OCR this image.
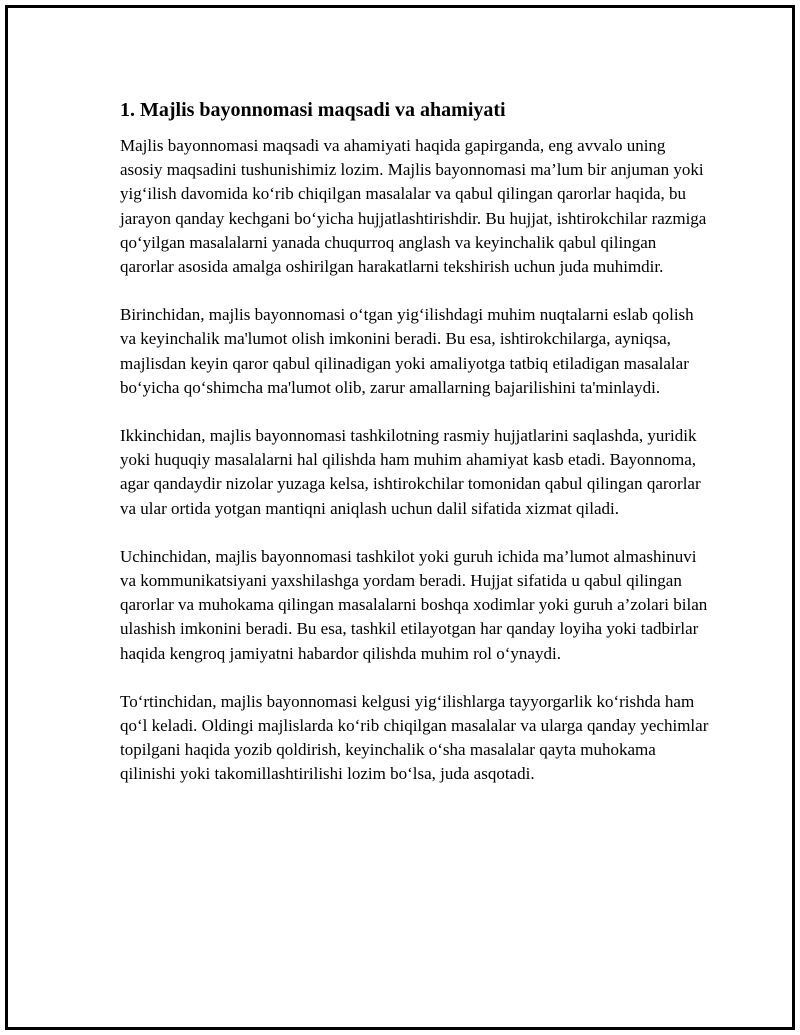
1. Majlis bayonnomasi maqsadi va ahamiyati

Majlis bayonnomasi maqsadi va ahamiyati haqida gapirganda, eng avvalo uning asosiy maqsadini tushunishimiz lozim. Majlis bayonnomasi ma’lum bir anjuman yoki yig‘ilish davomida ko‘rib chiqilgan masalalar va qabul qilingan qarorlar haqida, bu jarayon qanday kechgani bo‘yicha hujjatlashtirishdir. Bu hujjat, ishtirokchilar razmiga qo‘yilgan masalalarni yanada chuqurroq anglash va keyinchalik qabul qilingan qarorlar asosida amalga oshirilgan harakatlarni tekshirish uchun juda muhimdir.

Birinchidan, majlis bayonnomasi o‘tgan yig‘ilishdagi muhim nuqtalarni eslab qolish va keyinchalik ma'lumot olish imkonini beradi. Bu esa, ishtirokchilarga, ayniqsa, majlisdan keyin qaror qabul qilinadigan yoki amaliyotga tatbiq etiladigan masalalar bo‘yicha qo‘shimcha ma'lumot olib, zarur amallarning bajarilishini ta'minlaydi.

Ikkinchidan, majlis bayonnomasi tashkilotning rasmiy hujjatlarini saqlashda, yuridik yoki huquqiy masalalarni hal qilishda ham muhim ahamiyat kasb etadi. Bayonnoma, agar qandaydir nizolar yuzaga kelsa, ishtirokchilar tomonidan qabul qilingan qarorlar va ular ortida yotgan mantiqni aniqlash uchun dalil sifatida xizmat qiladi.

Uchinchidan, majlis bayonnomasi tashkilot yoki guruh ichida ma’lumot almashinuvi va kommunikatsiyani yaxshilashga yordam beradi. Hujjat sifatida u qabul qilingan qarorlar va muhokama qilingan masalalarni boshqa xodimlar yoki guruh a’zolari bilan ulashish imkonini beradi. Bu esa, tashkil etilayotgan har qanday loyiha yoki tadbirlar haqida kengroq jamiyatni habardor qilishda muhim rol o‘ynaydi.

To‘rtinchidan, majlis bayonnomasi kelgusi yig‘ilishlarga tayyorgarlik ko‘rishda ham qo‘l keladi. Oldingi majlislarda ko‘rib chiqilgan masalalar va ularga qanday yechimlar topilgani haqida yozib qoldirish, keyinchalik o‘sha masalalar qayta muhokama qilinishi yoki takomillashtirilishi lozim bo‘lsa, juda asqotadi.
